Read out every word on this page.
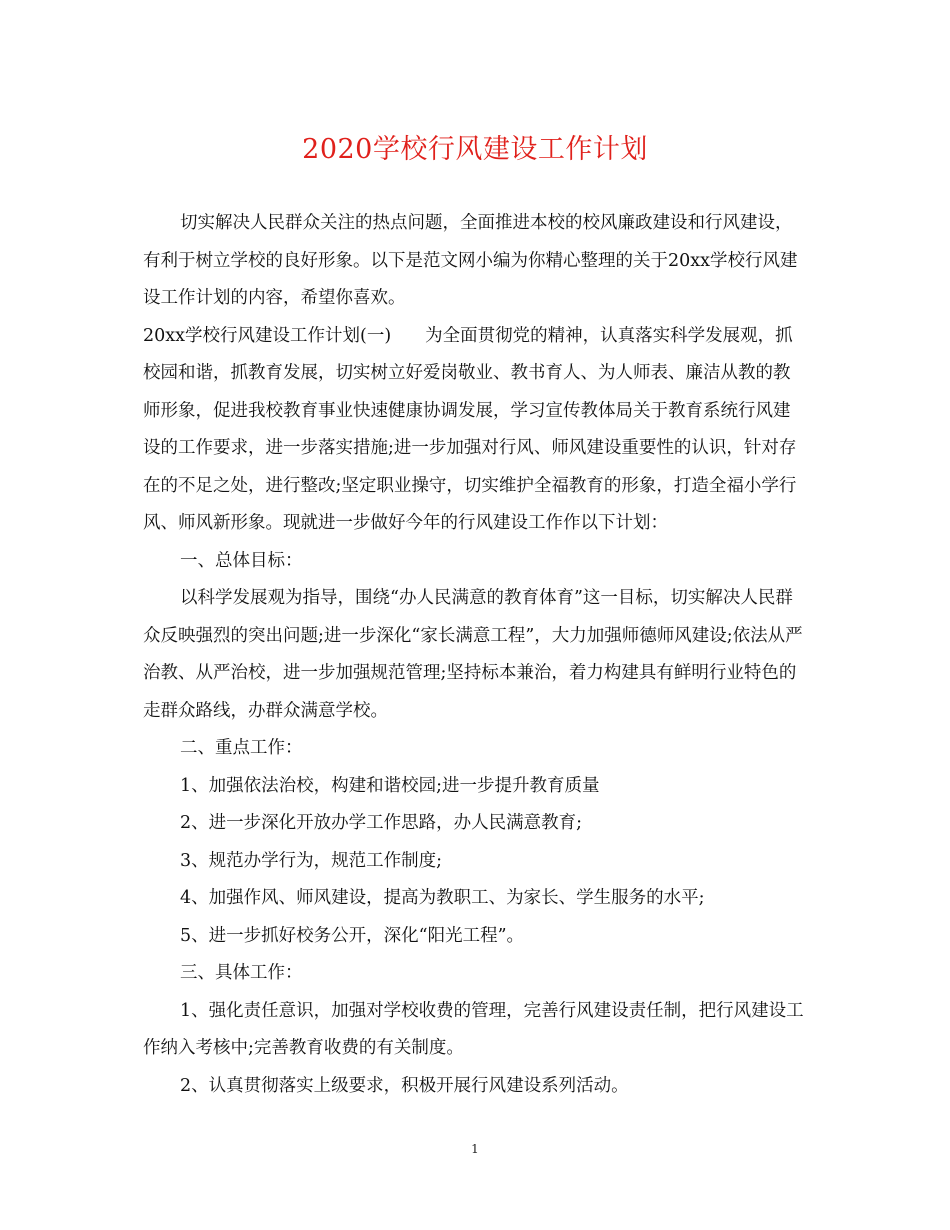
2020学校行风建设工作计划

切实解决人民群众关注的热点问题，全面推进本校的校风廉政建设和行风建设，有利于树立学校的良好形象。以下是范文网小编为你精心整理的关于20xx学校行风建设工作计划的内容，希望你喜欢。

20xx学校行风建设工作计划(一) 为全面贯彻党的精神，认真落实科学发展观，抓校园和谐，抓教育发展，切实树立好爱岗敬业、教书育人、为人师表、廉洁从教的教师形象，促进我校教育事业快速健康协调发展，学习宣传教体局关于教育系统行风建设的工作要求，进一步落实措施;进一步加强对行风、师风建设重要性的认识，针对存在的不足之处，进行整改;坚定职业操守，切实维护全福教育的形象，打造全福小学行风、师风新形象。现就进一步做好今年的行风建设工作作以下计划：

一、总体目标：

以科学发展观为指导，围绕“办人民满意的教育体育”这一目标，切实解决人民群众反映强烈的突出问题;进一步深化“家长满意工程”，大力加强师德师风建设;依法从严治教、从严治校，进一步加强规范管理;坚持标本兼治，着力构建具有鲜明行业特色的走群众路线，办群众满意学校。

二、重点工作：

1、加强依法治校，构建和谐校园;进一步提升教育质量

2、进一步深化开放办学工作思路，办人民满意教育;

3、规范办学行为，规范工作制度;

4、加强作风、师风建设，提高为教职工、为家长、学生服务的水平;

5、进一步抓好校务公开，深化“阳光工程”。

三、具体工作：

1、强化责任意识，加强对学校收费的管理，完善行风建设责任制，把行风建设工作纳入考核中;完善教育收费的有关制度。

2、认真贯彻落实上级要求，积极开展行风建设系列活动。

1
